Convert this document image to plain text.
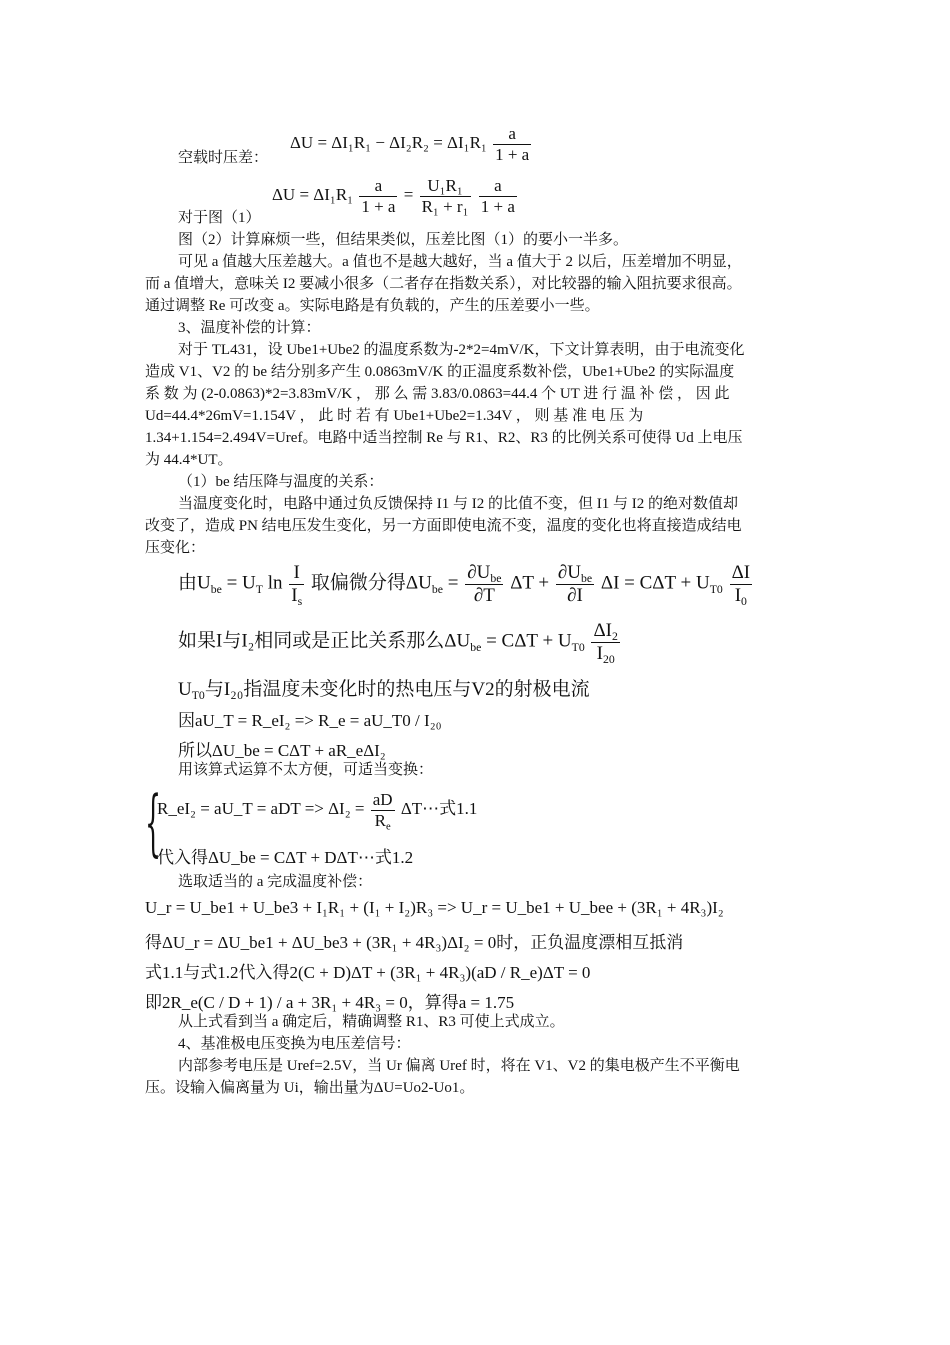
$\Delta U = \Delta I_1R_1 - \Delta I_2R_2 = \Delta I_1R_1 \frac{a}{1 + a}$
空载时压差：
$\Delta U = \Delta I_1R_1 \frac{a}{1 + a} = \frac{\text{U₁R₁}}{\text{R₁ + r₁}}$
$\frac{a}{1 + a}$
对于图（1）
图（2）计算麻烦一些，但结果类似，压差比图（1）的要小一半多。
可见 a 值越大压差越大。a 值也不是越大越好，当 a 值大于 2 以后，压差增加不明显，
而 a 值增大，意味关 I2 要减小很多（二者存在指数关系），对比较器的输入阻抗要求很高。
通过调整 Re 可改变 a。实际电路是有负载的，产生的压差要小一些。
3、温度补偿的计算：
对于 TL431，设 Ube1+Ube2 的温度系数为-2*2=4mV/K，下文计算表明，由于电流变化
造成 V1、V2 的 be 结分别多产生 0.0863mV/K 的正温度系数补偿，Ube1+Ube2 的实际温度
系 数 为 (2-0.0863)*2=3.83mV/K ， 那 么 需 3.83/0.0863=44.4 个 UT 进 行 温 补 偿 ， 因 此
Ud=44.4*26mV=1.154V ， 此 时 若 有 Ube1+Ube2=1.34V ， 则 基 准 电 压 为
1.34+1.154=2.494V=Uref。电路中适当控制 Re 与 R1、R2、R3 的比例关系可使得 Ud 上电压
为 44.4*UT。
（1）be 结压降与温度的关系：
当温度变化时，电路中通过负反馈保持 I1 与 I2 的比值不变，但 I1 与 I2 的绝对数值却
改变了，造成 PN 结电压发生变化，另一方面即使电流不变，温度的变化也将直接造成结电
压变化：
由$U_{be} = U_T$ $\ln \frac{I}{I_s}$ 取偏微分得$\Delta U_{be} = \frac{\partial U_{be}}{\partial T}$ $\Delta T + \frac{\partial U_{be}}{\partial I}$ $\Delta I = C\Delta T + U_{T0} \frac{\Delta I}{I_0}$
如果I与I₂相同或是正比关系那么$\Delta U_{be} = C\Delta T + U_{T0} \frac{\Delta I_2}{I_{20}}$
$U_{T0}$与I₂₀指温度未变化时的热电压与V2的射极电流
因aU_T = R_eI₂ => R_e = aU_T0 / I₂₀
所以ΔU_be = CΔT + aR_eΔI₂
用该算式运算不太方便，可适当变换：
{
R_eI₂ = aU_T = aDT => $\Delta I_2 = \frac{aD}{R_e}$ ΔT⋯式1.1
代入得ΔU_be = CΔT + DΔT⋯式1.2
选取适当的 a 完成温度补偿：
U_r = U_be1 + U_be3 + I₁R₁ + (I₁ + I₂)R₃ => U_r = U_be1 + U_bee + (3R₁ + 4R₃)I₂
得ΔU_r = ΔU_be1 + ΔU_be3 + (3R₁ + 4R₃)ΔI₂ = 0时，正负温度漂相互抵消
式1.1与式1.2代入得2(C + D)ΔT + (3R₁ + 4R₃)(aD / R_e)ΔT = 0
即2R_e(C / D + 1) / a + 3R₁ + 4R₃ = 0，算得a = 1.75
从上式看到当 a 确定后，精确调整 R1、R3 可使上式成立。
4、基准极电压变换为电压差信号：
内部参考电压是 Uref=2.5V，当 Ur 偏离 Uref 时，将在 V1、V2 的集电极产生不平衡电
压。设输入偏离量为 Ui，输出量为ΔU=Uo2-Uo1。
